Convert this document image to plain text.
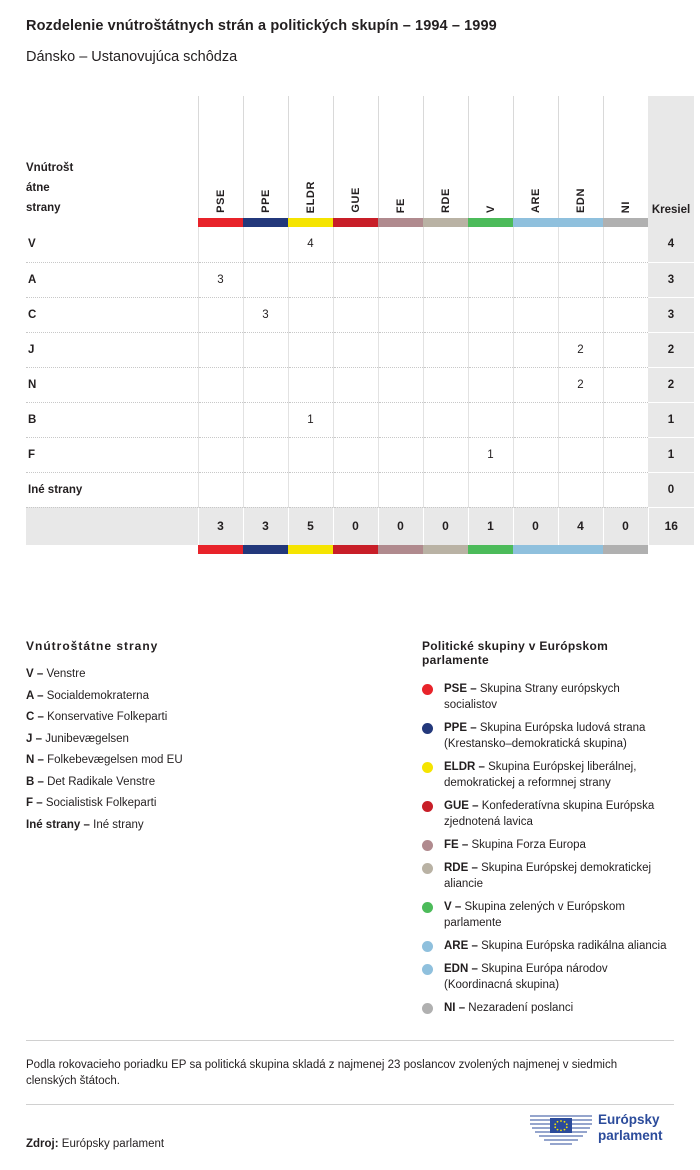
Rozdelenie vnútroštátnych strán a politických skupín – 1994 – 1999
Dánsko – Ustanovujúca schôdza
Vnútrošt
átne
strany	PSE	PPE	ELDR	GUE	FE	RDE	V	ARE	EDN	NI	Kresiel

V			4								4
A	3										3
C		3									3
J									2		2
N									2		2
B			1								1
F							1				1
Iné strany											0
	3	3	5	0	0	0	1	0	4	0	16

Vnútroštátne strany
V – Venstre
A – Socialdemokraterna
C – Konservative Folkeparti
J – Junibevægelsen
N – Folkebevægelsen mod EU
B – Det Radikale Venstre
F – Socialistisk Folkeparti
Iné strany – Iné strany
Politické skupiny v Európskom parlamente
PSE – Skupina Strany európskych socialistov
PPE – Skupina Európska ludová strana (Krestansko–demokratická skupina)
ELDR – Skupina Európskej liberálnej, demokratickej a reformnej strany
GUE – Konfederatívna skupina Európska zjednotená lavica
FE – Skupina Forza Europa
RDE – Skupina Európskej demokratickej aliancie
V – Skupina zelených v Európskom parlamente
ARE – Skupina Európska radikálna aliancia
EDN – Skupina Európa národov (Koordinacná skupina)
NI – Nezaradení poslanci
Podla rokovacieho poriadku EP sa politická skupina skladá z najmenej 23 poslancov zvolených najmenej v siedmich clenských štátoch.
Zdroj: Európsky parlament
Európsky
parlament
